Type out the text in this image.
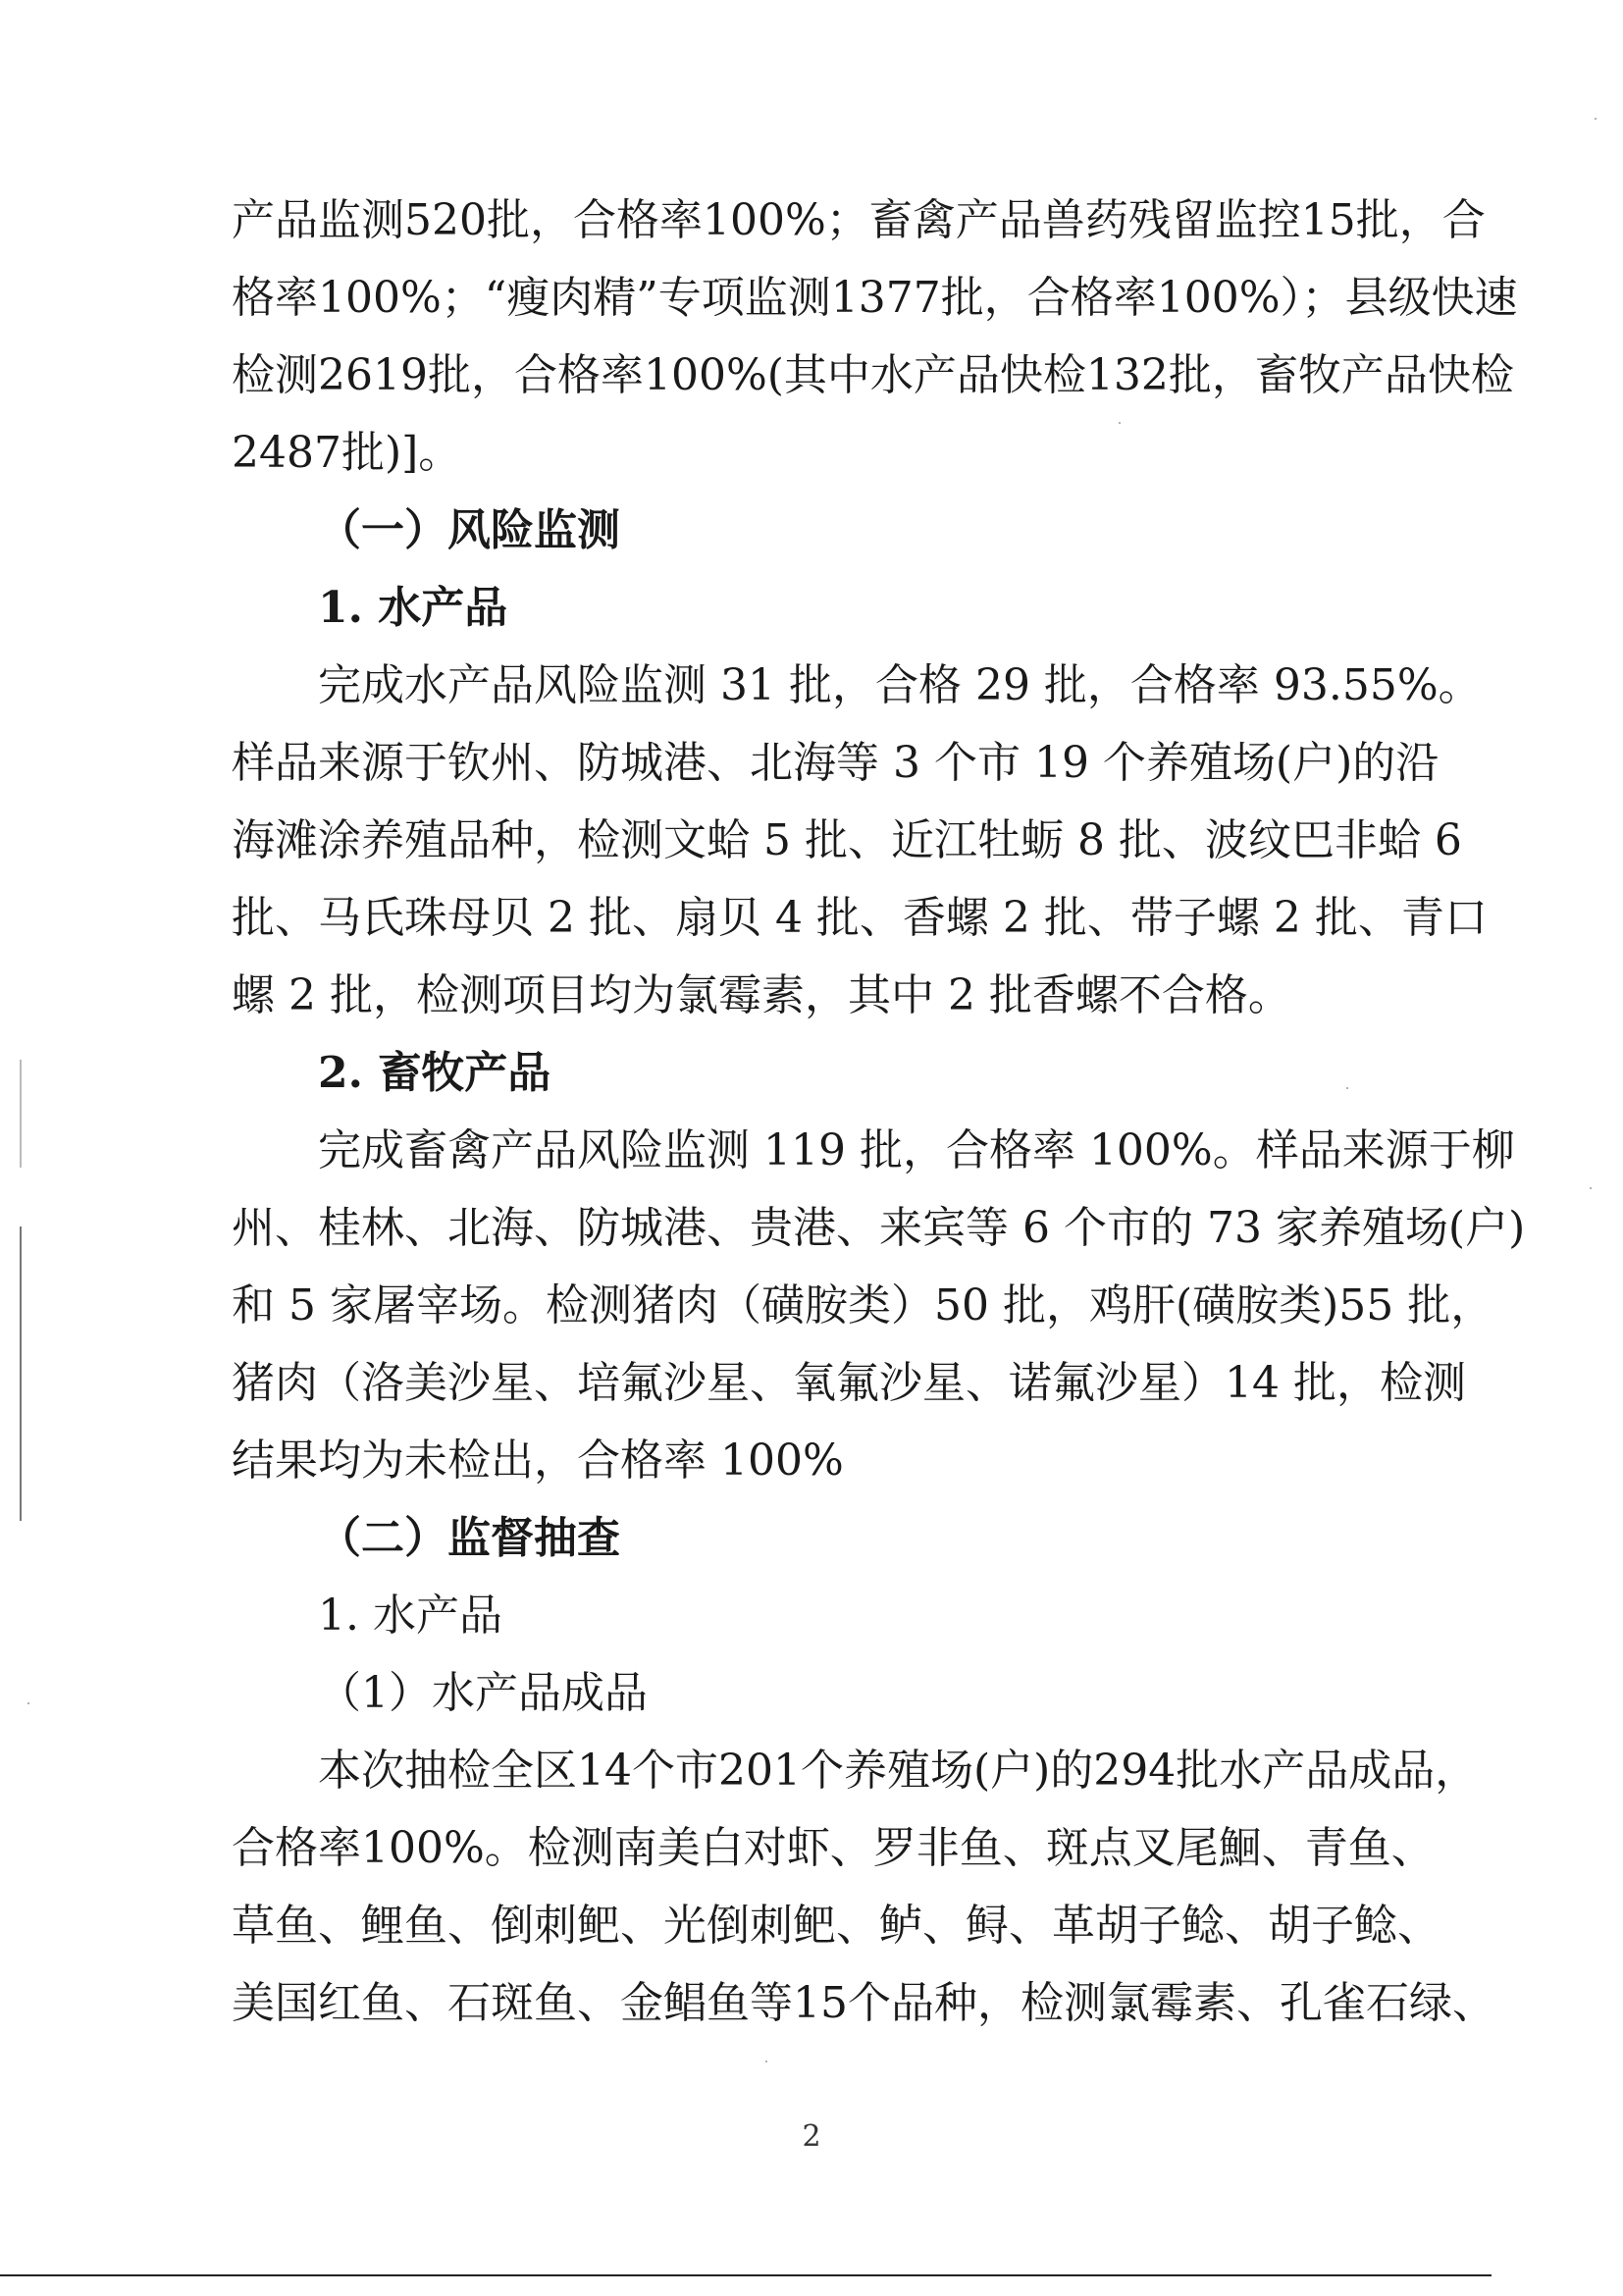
产品监测520批，合格率100%；畜禽产品兽药残留监控15批，合
格率100%；“瘦肉精”专项监测1377批，合格率100%）；县级快速
检测2619批，合格率100%(其中水产品快检132批，畜牧产品快检
2487批)]。
（一）风险监测
1. 水产品
完成水产品风险监测 31 批，合格 29 批，合格率 93.55%。
样品来源于钦州、防城港、北海等 3 个市 19 个养殖场(户)的沿
海滩涂养殖品种，检测文蛤 5 批、近江牡蛎 8 批、波纹巴非蛤 6
批、马氏珠母贝 2 批、扇贝 4 批、香螺 2 批、带子螺 2 批、青口
螺 2 批，检测项目均为氯霉素，其中 2 批香螺不合格。
2. 畜牧产品
完成畜禽产品风险监测 119 批，合格率 100%。样品来源于柳
州、桂林、北海、防城港、贵港、来宾等 6 个市的 73 家养殖场(户)
和 5 家屠宰场。检测猪肉（磺胺类）50 批，鸡肝(磺胺类)55 批，
猪肉（洛美沙星、培氟沙星、氧氟沙星、诺氟沙星）14 批，检测
结果均为未检出，合格率 100%
（二）监督抽查
1. 水产品
（1）水产品成品
本次抽检全区14个市201个养殖场(户)的294批水产品成品，
合格率100%。检测南美白对虾、罗非鱼、斑点叉尾鮰、青鱼、
草鱼、鲤鱼、倒刺鲃、光倒刺鲃、鲈、鲟、革胡子鲶、胡子鲶、
美国红鱼、石斑鱼、金鲳鱼等15个品种，检测氯霉素、孔雀石绿、
2
